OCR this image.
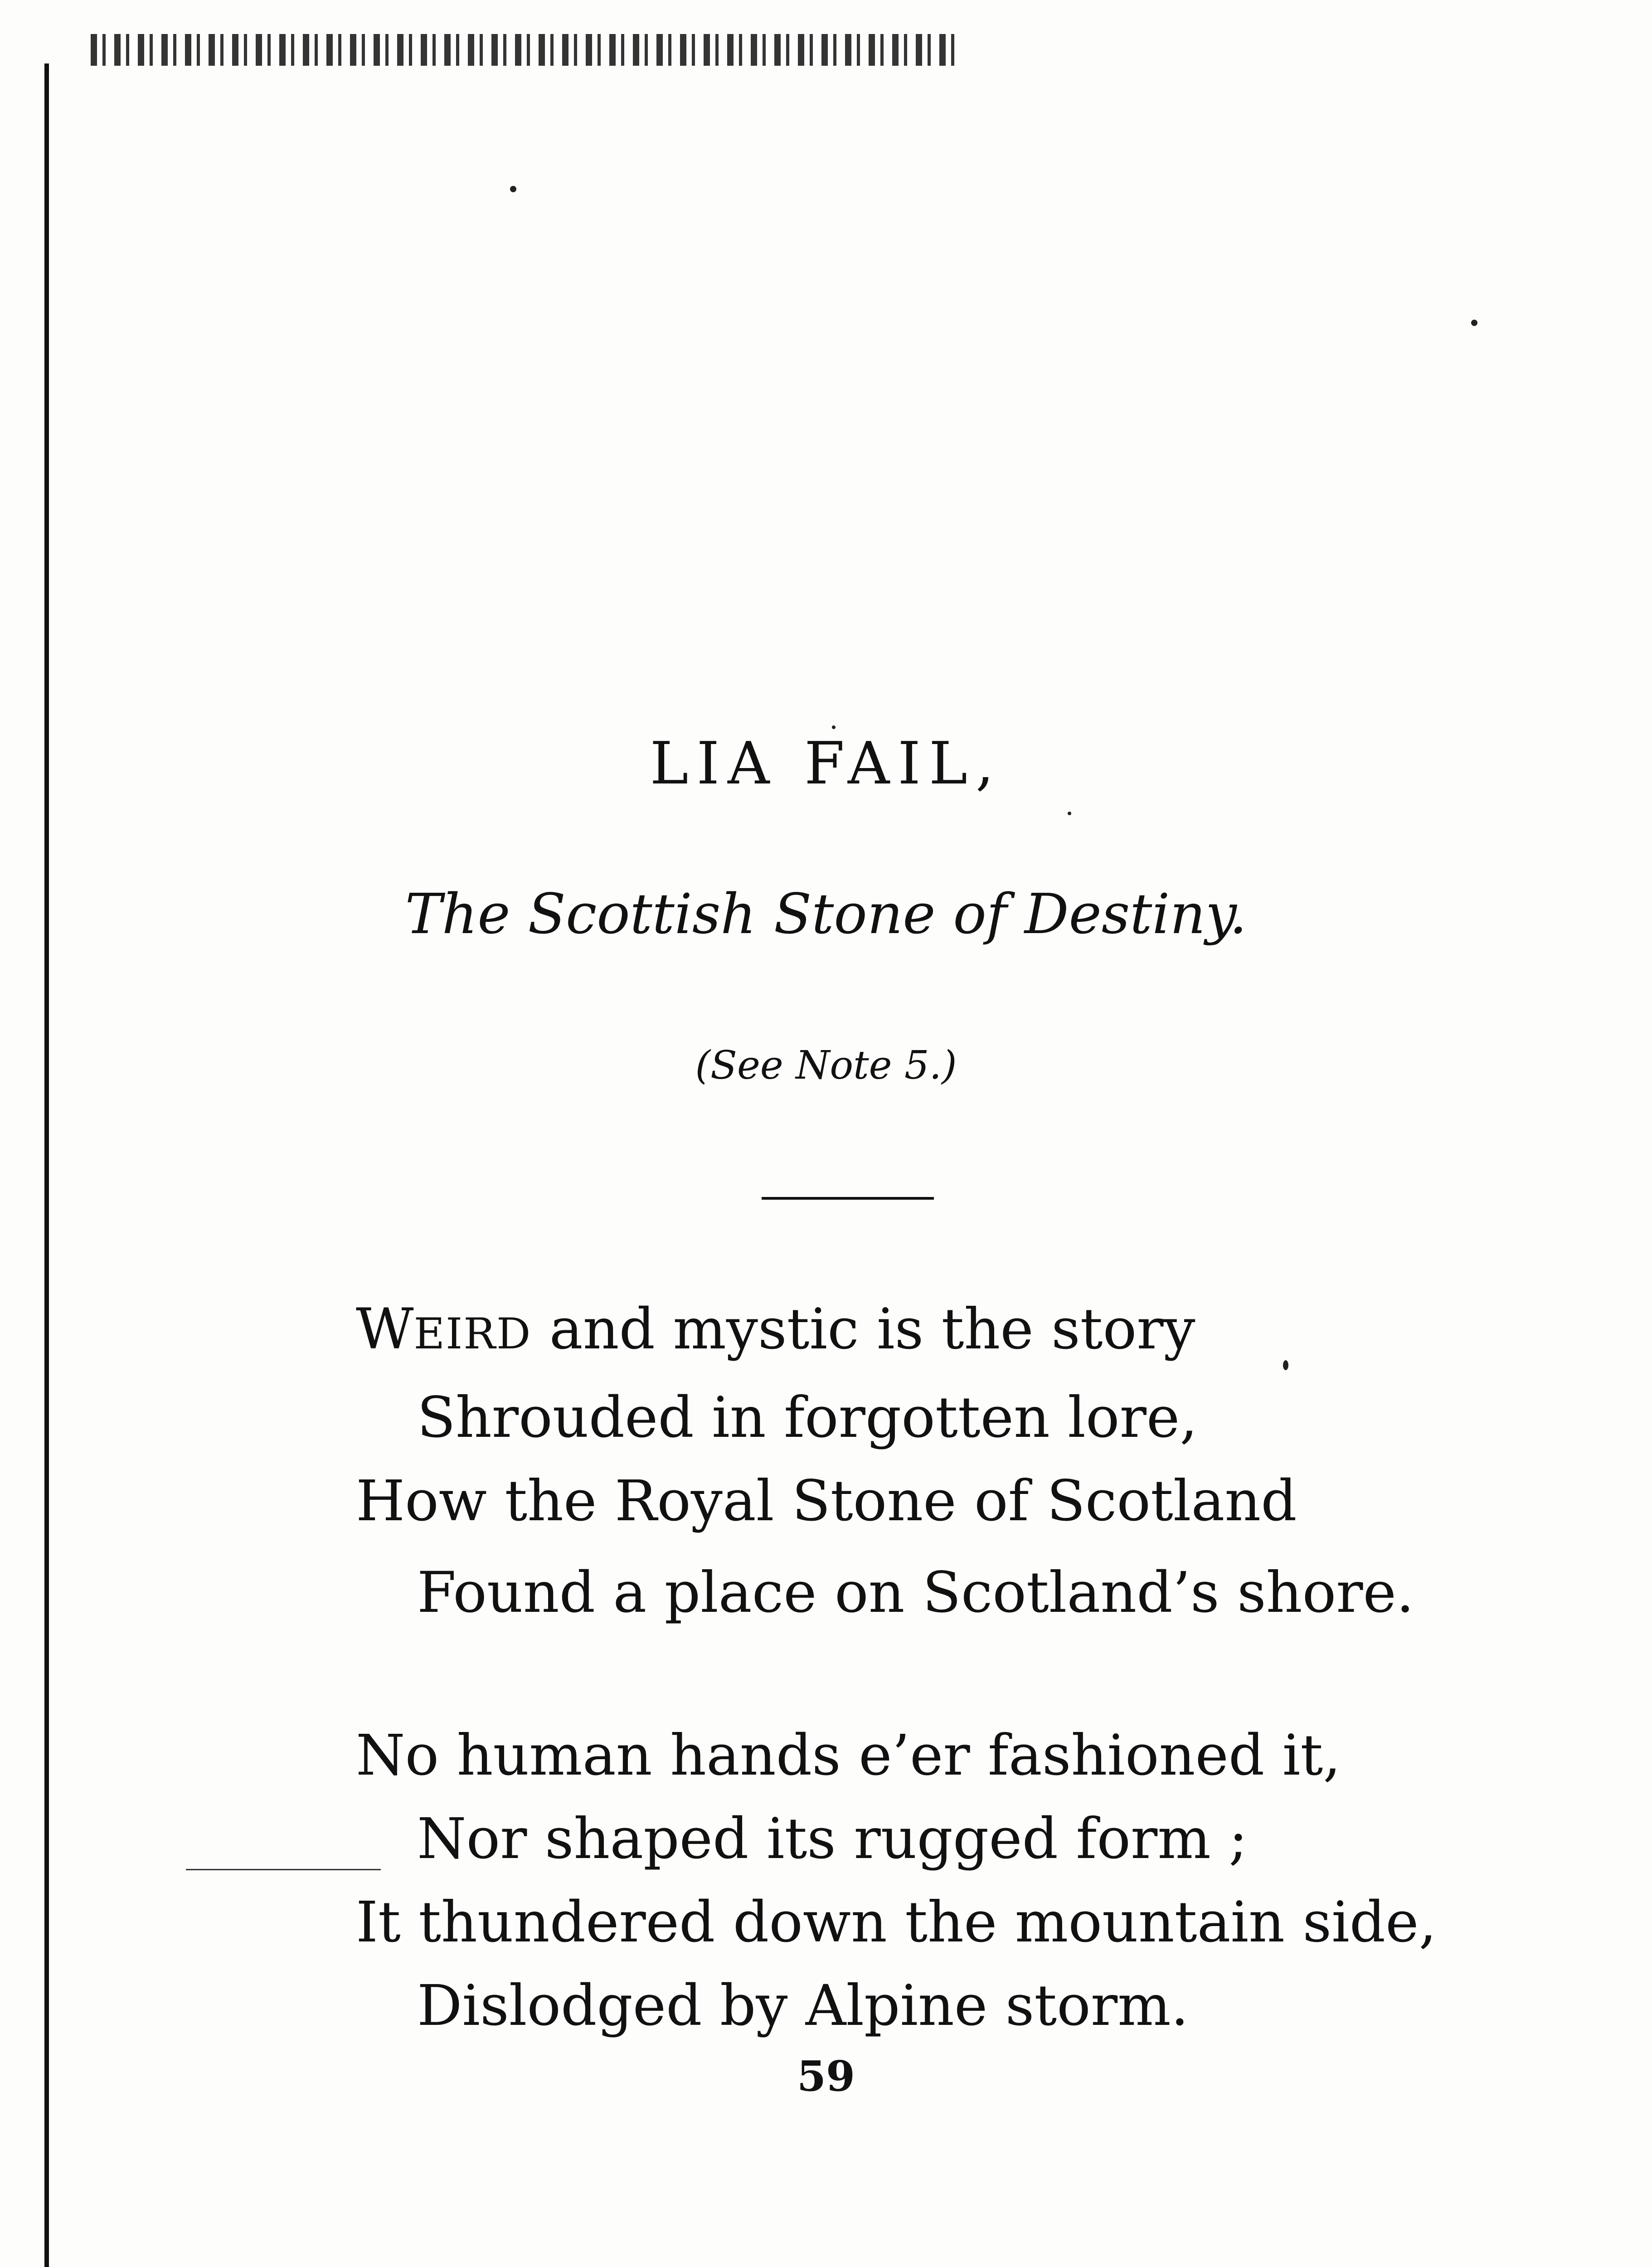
LIA FAIL,

The Scottish Stone of Destiny.

(See Note 5.)

WEIRD and mystic is the story
Shrouded in forgotten lore,
How the Royal Stone of Scotland
Found a place on Scotland’s shore.
No human hands e’er fashioned it,
Nor shaped its rugged form ;
It thundered down the mountain side,
Dislodged by Alpine storm.

59
